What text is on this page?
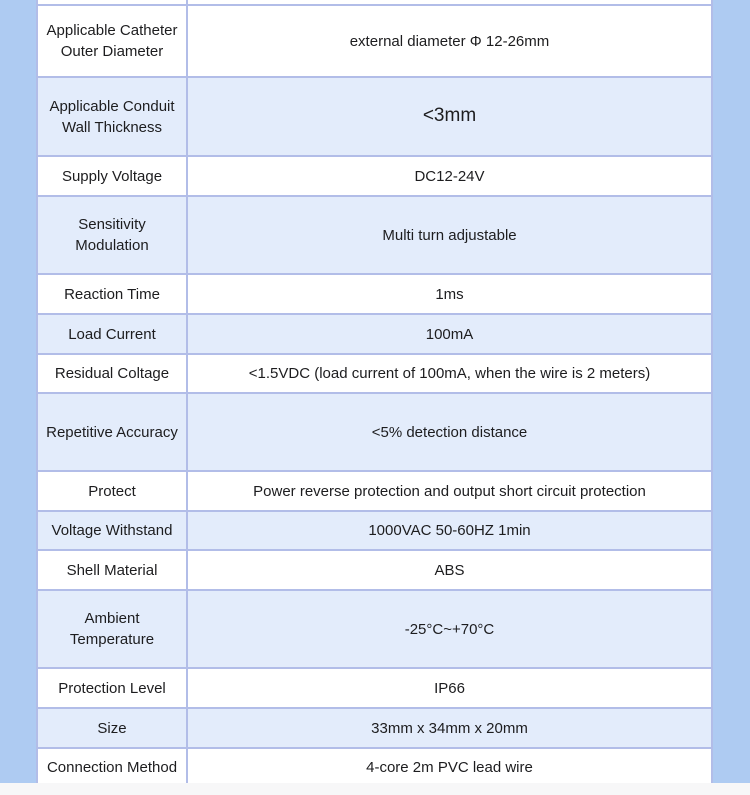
Applicable Catheter Outer Diameter	external diameter Φ 12-26mm
Applicable Conduit Wall Thickness	<3mm
Supply Voltage	DC12-24V
Sensitivity Modulation	Multi turn adjustable
Reaction Time	1ms
Load Current	100mA
Residual Coltage	<1.5VDC (load current of 100mA, when the wire is 2 meters)
Repetitive Accuracy	<5% detection distance
Protect	Power reverse protection and output short circuit protection
Voltage Withstand	1000VAC 50-60HZ 1min
Shell Material	ABS
Ambient Temperature	-25°C~+70°C
Protection Level	IP66
Size	33mm x 34mm x 20mm
Connection Method	4-core 2m PVC lead wire
